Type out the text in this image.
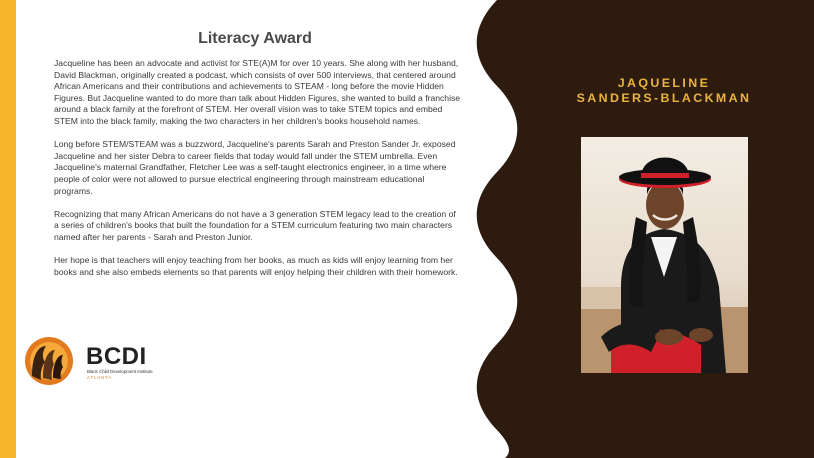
Literacy Award

Jacqueline has been an advocate and activist for STE(A)M for over 10 years. She along with her husband, David Blackman, originally created a podcast, which consists of over 500 interviews, that centered around African Americans and their contributions and achievements to STEAM - long before the movie Hidden Figures. But Jacqueline wanted to do more than talk about Hidden Figures, she wanted to build a franchise around a black family at the forefront of STEM. Her overall vision was to take STEM topics and embed STEM into the black family, making the two characters in her children's books household names.

Long before STEM/STEAM was a buzzword, Jacqueline's parents Sarah and Preston Sander Jr. exposed Jacqueline and her sister Debra to career fields that today would fall under the STEM umbrella. Even Jacqueline's maternal Grandfather, Fletcher Lee was a self-taught electronics engineer, in a time where people of color were not allowed to pursue electrical engineering through mainstream educational programs.

Recognizing that many African Americans do not have a 3 generation STEM legacy lead to the creation of a series of children's books that built the foundation for a STEM curriculum featuring two main characters named after her parents - Sarah and Preston Junior.

Her hope is that teachers will enjoy teaching from her books, as much as kids will enjoy learning from her books and she also embeds elements so that parents will enjoy helping their children with their homework.

JAQUELINE
SANDERS-BLACKMAN
BCDI
Black Child Development Institute
ATLANTA
